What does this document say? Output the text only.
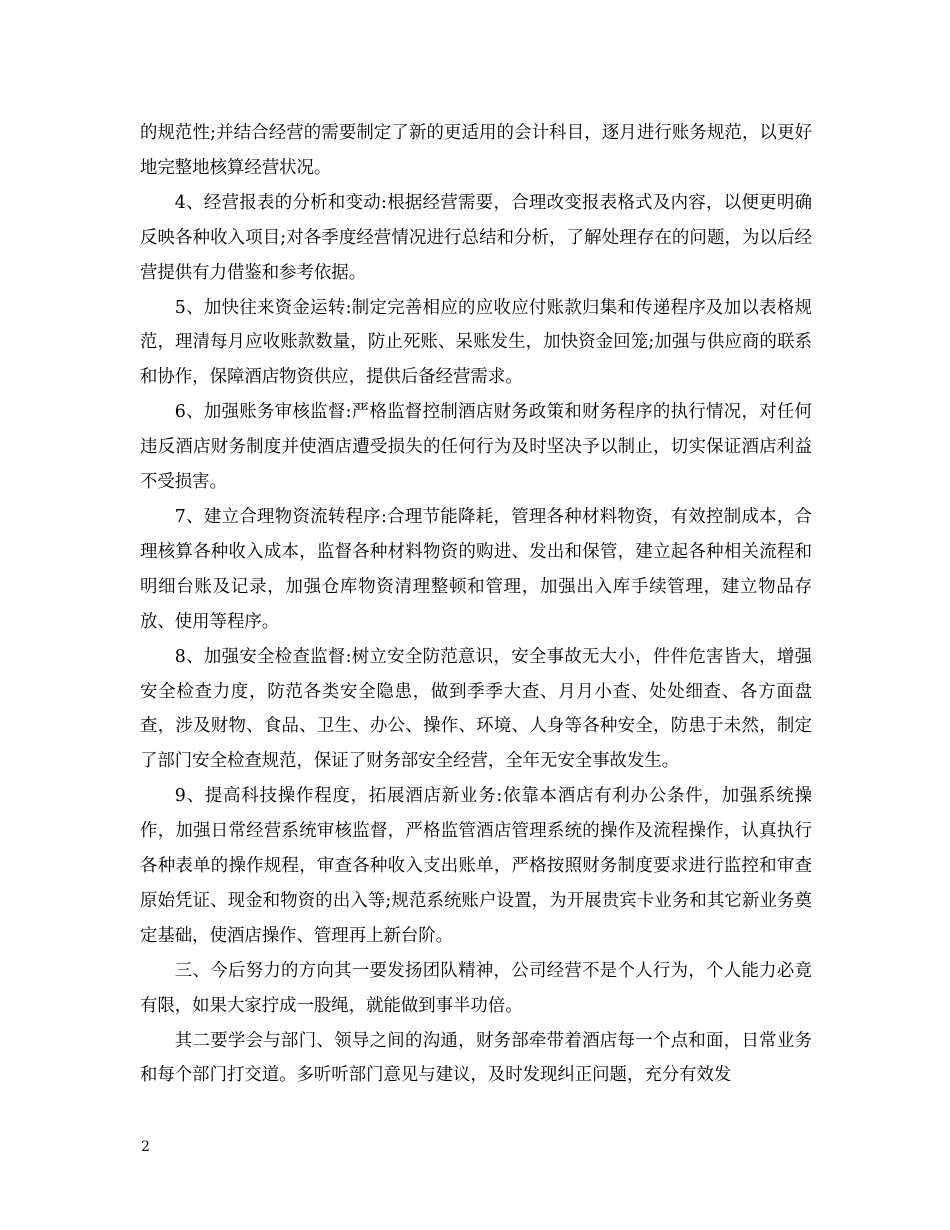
的规范性;并结合经营的需要制定了新的更适用的会计科目，逐月进行账务规范，以更好地完整地核算经营状况。

4、经营报表的分析和变动:根据经营需要，合理改变报表格式及内容，以便更明确反映各种收入项目;对各季度经营情况进行总结和分析，了解处理存在的问题，为以后经营提供有力借鉴和参考依据。

5、加快往来资金运转:制定完善相应的应收应付账款归集和传递程序及加以表格规范，理清每月应收账款数量，防止死账、呆账发生，加快资金回笼;加强与供应商的联系和协作，保障酒店物资供应，提供后备经营需求。

6、加强账务审核监督:严格监督控制酒店财务政策和财务程序的执行情况，对任何违反酒店财务制度并使酒店遭受损失的任何行为及时坚决予以制止，切实保证酒店利益不受损害。

7、建立合理物资流转程序:合理节能降耗，管理各种材料物资，有效控制成本，合理核算各种收入成本，监督各种材料物资的购进、发出和保管，建立起各种相关流程和明细台账及记录，加强仓库物资清理整顿和管理，加强出入库手续管理，建立物品存放、使用等程序。

8、加强安全检查监督:树立安全防范意识，安全事故无大小，件件危害皆大，增强安全检查力度，防范各类安全隐患，做到季季大查、月月小查、处处细查、各方面盘查，涉及财物、食品、卫生、办公、操作、环境、人身等各种安全，防患于未然，制定了部门安全检查规范，保证了财务部安全经营，全年无安全事故发生。

9、提高科技操作程度，拓展酒店新业务:依靠本酒店有利办公条件，加强系统操作，加强日常经营系统审核监督，严格监管酒店管理系统的操作及流程操作，认真执行各种表单的操作规程，审查各种收入支出账单，严格按照财务制度要求进行监控和审查原始凭证、现金和物资的出入等;规范系统账户设置，为开展贵宾卡业务和其它新业务奠定基础，使酒店操作、管理再上新台阶。

三、今后努力的方向其一要发扬团队精神，公司经营不是个人行为，个人能力必竟有限，如果大家拧成一股绳，就能做到事半功倍。

其二要学会与部门、领导之间的沟通，财务部牵带着酒店每一个点和面，日常业务和每个部门打交道。多听听部门意见与建议，及时发现纠正问题，充分有效发

2
